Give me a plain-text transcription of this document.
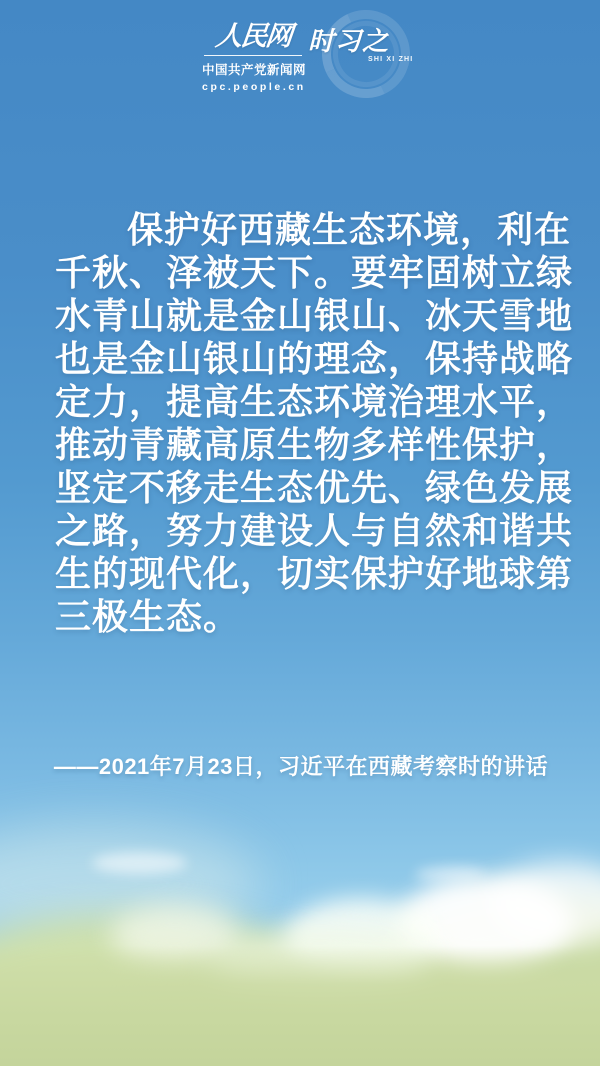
人民网
中国共产党新闻网
cpc.people.cn
时习之
SHI XI ZHI
保护好西藏生态环境，利在
千秋、泽被天下。要牢固树立绿
水青山就是金山银山、冰天雪地
也是金山银山的理念，保持战略
定力，提高生态环境治理水平，
推动青藏高原生物多样性保护，
坚定不移走生态优先、绿色发展
之路，努力建设人与自然和谐共
生的现代化，切实保护好地球第
三极生态。
——2021年7月23日，习近平在西藏考察时的讲话
